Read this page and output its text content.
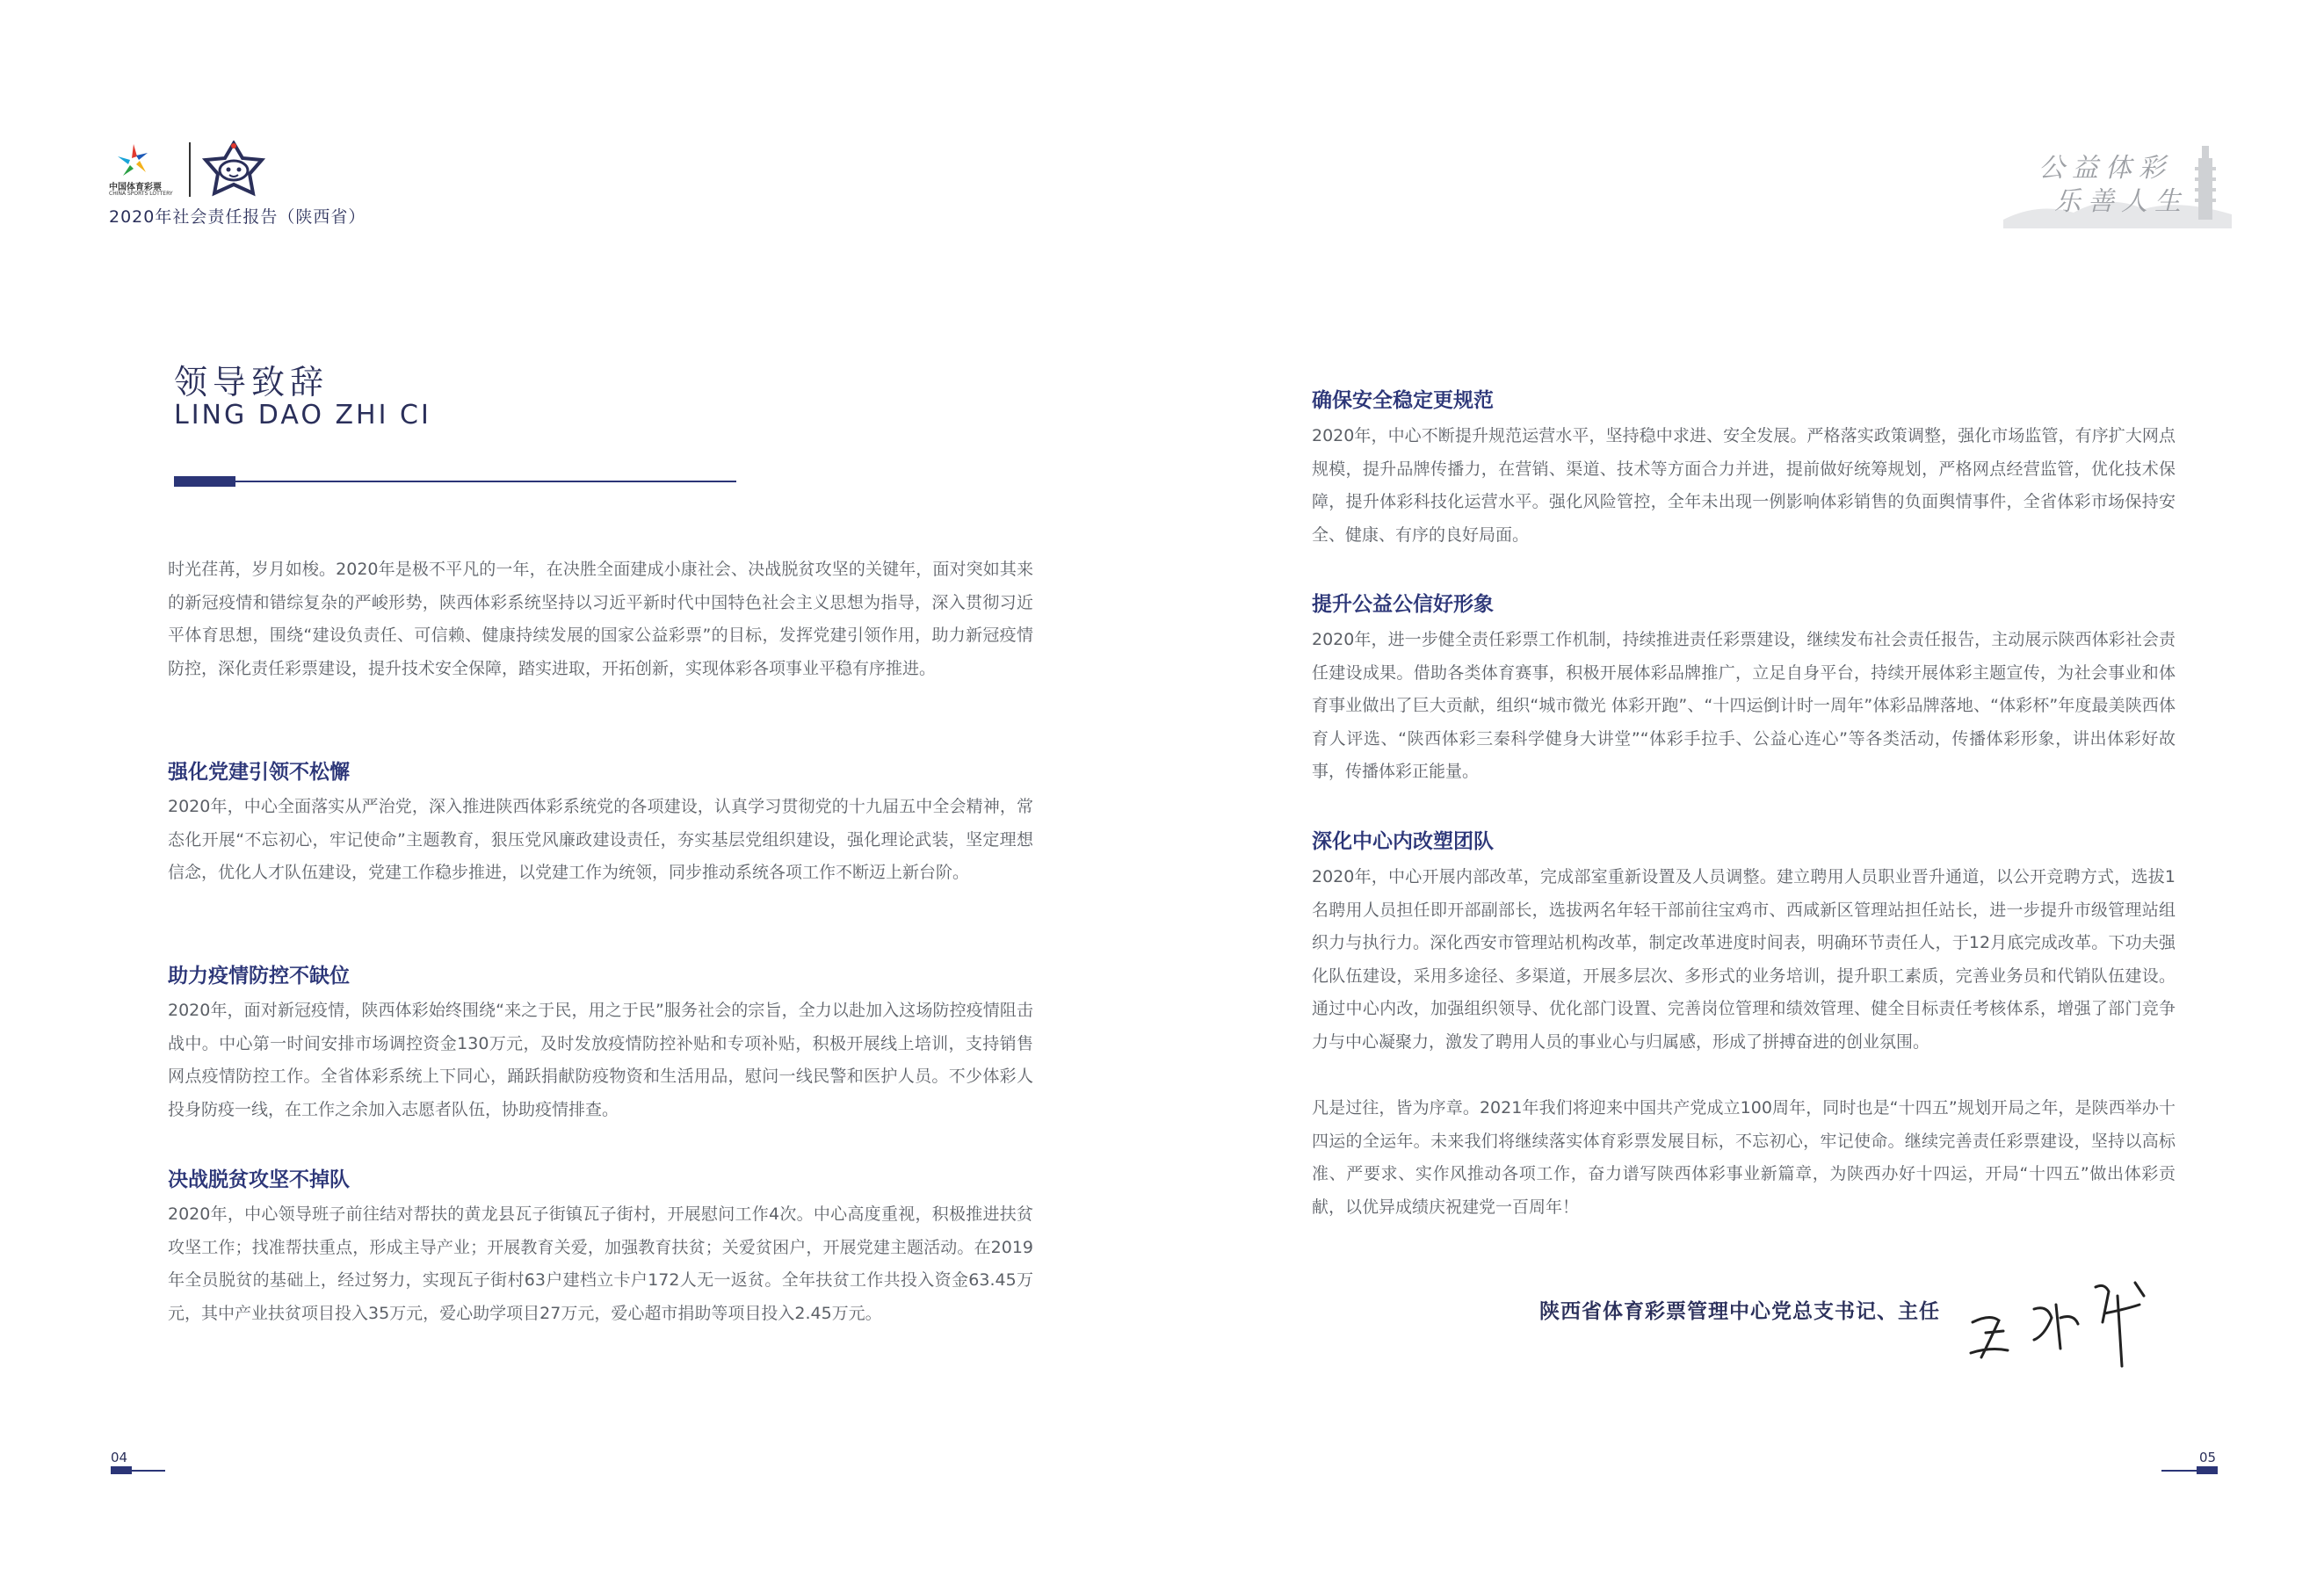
中国体育彩票
CHINA SPORTS LOTTERY
2020年社会责任报告（陕西省）
公益体彩
乐善人生
领导致辞
LING DAO ZHI CI

时光荏苒，岁月如梭。2020年是极不平凡的一年，在决胜全面建成小康社会、决战脱贫攻坚的关键年，面对突如其来的新冠疫情和错综复杂的严峻形势，陕西体彩系统坚持以习近平新时代中国特色社会主义思想为指导，深入贯彻习近平体育思想，围绕“建设负责任、可信赖、健康持续发展的国家公益彩票”的目标，发挥党建引领作用，助力新冠疫情防控，深化责任彩票建设，提升技术安全保障，踏实进取，开拓创新，实现体彩各项事业平稳有序推进。

强化党建引领不松懈

2020年，中心全面落实从严治党，深入推进陕西体彩系统党的各项建设，认真学习贯彻党的十九届五中全会精神，常态化开展“不忘初心，牢记使命”主题教育，狠压党风廉政建设责任，夯实基层党组织建设，强化理论武装，坚定理想信念，优化人才队伍建设，党建工作稳步推进，以党建工作为统领，同步推动系统各项工作不断迈上新台阶。

助力疫情防控不缺位

2020年，面对新冠疫情，陕西体彩始终围绕“来之于民，用之于民”服务社会的宗旨，全力以赴加入这场防控疫情阻击战中。中心第一时间安排市场调控资金130万元，及时发放疫情防控补贴和专项补贴，积极开展线上培训，支持销售网点疫情防控工作。全省体彩系统上下同心，踊跃捐献防疫物资和生活用品，慰问一线民警和医护人员。不少体彩人投身防疫一线，在工作之余加入志愿者队伍，协助疫情排查。

决战脱贫攻坚不掉队

2020年，中心领导班子前往结对帮扶的黄龙县瓦子街镇瓦子街村，开展慰问工作4次。中心高度重视，积极推进扶贫攻坚工作；找准帮扶重点，形成主导产业；开展教育关爱，加强教育扶贫；关爱贫困户，开展党建主题活动。在2019年全员脱贫的基础上，经过努力，实现瓦子街村63户建档立卡户172人无一返贫。全年扶贫工作共投入资金63.45万元，其中产业扶贫项目投入35万元，爱心助学项目27万元，爱心超市捐助等项目投入2.45万元。

确保安全稳定更规范

2020年，中心不断提升规范运营水平，坚持稳中求进、安全发展。严格落实政策调整，强化市场监管，有序扩大网点规模，提升品牌传播力，在营销、渠道、技术等方面合力并进，提前做好统筹规划，严格网点经营监管，优化技术保障，提升体彩科技化运营水平。强化风险管控，全年未出现一例影响体彩销售的负面舆情事件，全省体彩市场保持安全、健康、有序的良好局面。

提升公益公信好形象

2020年，进一步健全责任彩票工作机制，持续推进责任彩票建设，继续发布社会责任报告，主动展示陕西体彩社会责任建设成果。借助各类体育赛事，积极开展体彩品牌推广，立足自身平台，持续开展体彩主题宣传，为社会事业和体育事业做出了巨大贡献，组织“城市微光 体彩开跑”、“十四运倒计时一周年”体彩品牌落地、“体彩杯”年度最美陕西体育人评选、“陕西体彩三秦科学健身大讲堂”“体彩手拉手、公益心连心”等各类活动，传播体彩形象，讲出体彩好故事，传播体彩正能量。

深化中心内改塑团队

2020年，中心开展内部改革，完成部室重新设置及人员调整。建立聘用人员职业晋升通道，以公开竞聘方式，选拔1名聘用人员担任即开部副部长，选拔两名年轻干部前往宝鸡市、西咸新区管理站担任站长，进一步提升市级管理站组织力与执行力。深化西安市管理站机构改革，制定改革进度时间表，明确环节责任人，于12月底完成改革。下功夫强化队伍建设，采用多途径、多渠道，开展多层次、多形式的业务培训，提升职工素质，完善业务员和代销队伍建设。通过中心内改，加强组织领导、优化部门设置、完善岗位管理和绩效管理、健全目标责任考核体系，增强了部门竞争力与中心凝聚力，激发了聘用人员的事业心与归属感，形成了拼搏奋进的创业氛围。

凡是过往，皆为序章。2021年我们将迎来中国共产党成立100周年，同时也是“十四五”规划开局之年，是陕西举办十四运的全运年。未来我们将继续落实体育彩票发展目标，不忘初心，牢记使命。继续完善责任彩票建设，坚持以高标准、严要求、实作风推动各项工作，奋力谱写陕西体彩事业新篇章，为陕西办好十四运，开局“十四五”做出体彩贡献，以优异成绩庆祝建党一百周年！

陕西省体育彩票管理中心党总支书记、主任
04	05
